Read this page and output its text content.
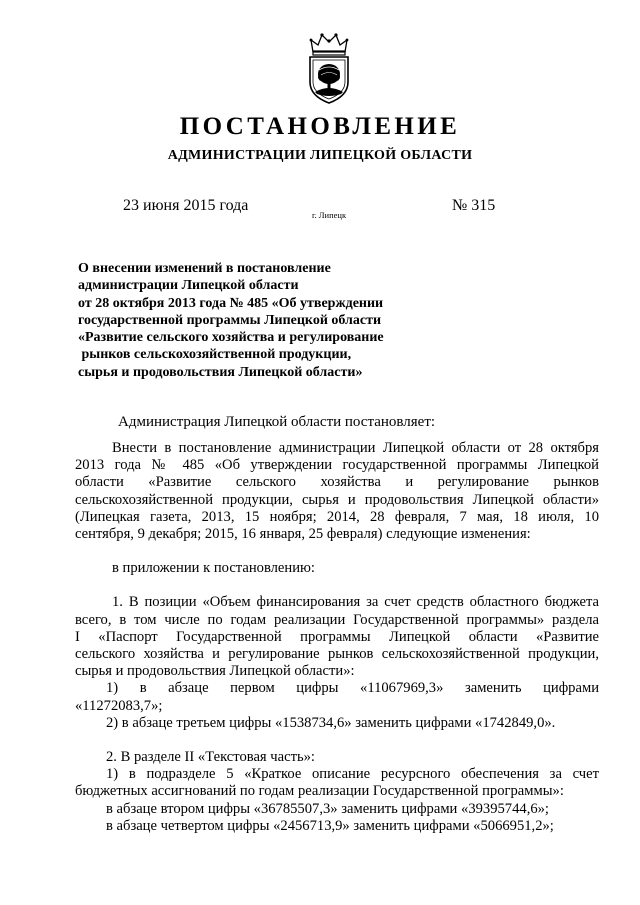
ПОСТАНОВЛЕНИЕ
АДМИНИСТРАЦИИ ЛИПЕЦКОЙ ОБЛАСТИ
23 июня 2015 года
г. Липецк
№ 315
О внесении изменений в постановление
администрации Липецкой области
от 28 октября 2013 года № 485 «Об утверждении
государственной программы Липецкой области
«Развитие сельского хозяйства и регулирование
рынков сельскохозяйственной продукции,
сырья и продовольствия Липецкой области»
Администрация Липецкой области постановляет:

Внести в постановление администрации Липецкой области от 28 октября

2013 года № 485 «Об утверждении государственной программы Липецкой

области «Развитие сельского хозяйства и регулирование рынков

сельскохозяйственной продукции, сырья и продовольствия Липецкой области»

(Липецкая газета, 2013, 15 ноября; 2014, 28 февраля, 7 мая, 18 июля, 10

сентября, 9 декабря; 2015, 16 января, 25 февраля) следующие изменения:

в приложении к постановлению:

1. В позиции «Объем финансирования за счет средств областного бюджета

всего, в том числе по годам реализации Государственной программы» раздела

I «Паспорт Государственной программы Липецкой области «Развитие

сельского хозяйства и регулирование рынков сельскохозяйственной продукции,

сырья и продовольствия Липецкой области»:

1) в абзаце первом цифры «11067969,3» заменить цифрами

«11272083,7»;

2) в абзаце третьем цифры «1538734,6» заменить цифрами «1742849,0».

2. В разделе II «Текстовая часть»:

1) в подразделе 5 «Краткое описание ресурсного обеспечения за счет

бюджетных ассигнований по годам реализации Государственной программы»:

в абзаце втором цифры «36785507,3» заменить цифрами «39395744,6»;

в абзаце четвертом цифры «2456713,9» заменить цифрами «5066951,2»;
